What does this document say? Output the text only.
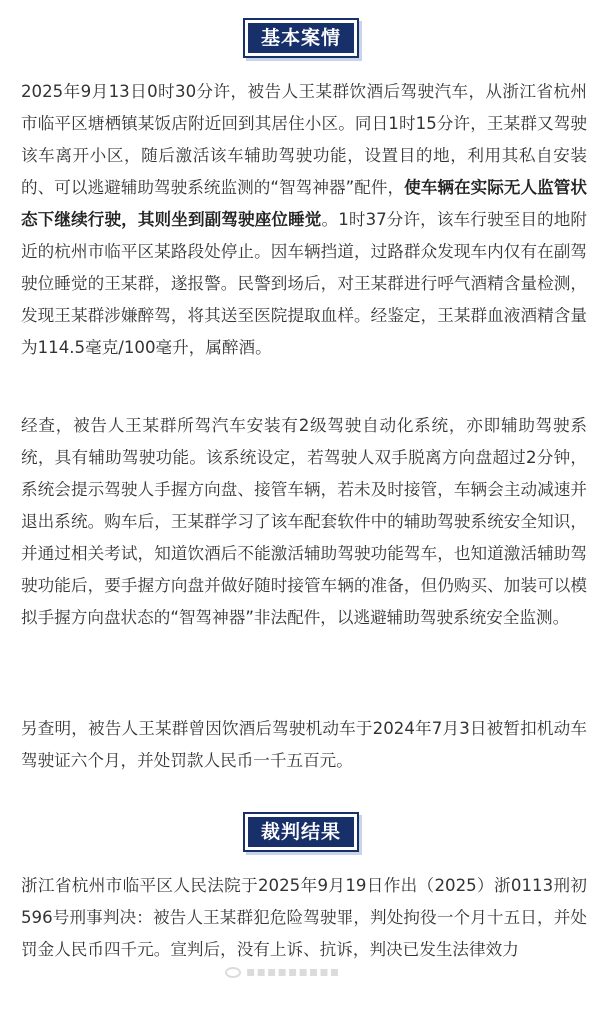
基本案情

2025年9月13日0时30分许，被告人王某群饮酒后驾驶汽车，从浙江省杭州市临平区塘栖镇某饭店附近回到其居住小区。同日1时15分许，王某群又驾驶该车离开小区，随后激活该车辅助驾驶功能，设置目的地，利用其私自安装的、可以逃避辅助驾驶系统监测的“智驾神器”配件，使车辆在实际无人监管状态下继续行驶，其则坐到副驾驶座位睡觉。1时37分许，该车行驶至目的地附近的杭州市临平区某路段处停止。因车辆挡道，过路群众发现车内仅有在副驾驶位睡觉的王某群，遂报警。民警到场后，对王某群进行呼气酒精含量检测，发现王某群涉嫌醉驾，将其送至医院提取血样。经鉴定，王某群血液酒精含量为114.5毫克/100毫升，属醉酒。

经查，被告人王某群所驾汽车安装有2级驾驶自动化系统，亦即辅助驾驶系统，具有辅助驾驶功能。该系统设定，若驾驶人双手脱离方向盘超过2分钟，系统会提示驾驶人手握方向盘、接管车辆，若未及时接管，车辆会主动减速并退出系统。购车后，王某群学习了该车配套软件中的辅助驾驶系统安全知识，并通过相关考试，知道饮酒后不能激活辅助驾驶功能驾车，也知道激活辅助驾驶功能后，要手握方向盘并做好随时接管车辆的准备，但仍购买、加装可以模拟手握方向盘状态的“智驾神器”非法配件，以逃避辅助驾驶系统安全监测。

另查明，被告人王某群曾因饮酒后驾驶机动车于2024年7月3日被暂扣机动车驾驶证六个月，并处罚款人民币一千五百元。

裁判结果

浙江省杭州市临平区人民法院于2025年9月19日作出（2025）浙0113刑初596号刑事判决：被告人王某群犯危险驾驶罪，判处拘役一个月十五日，并处罚金人民币四千元。宣判后，没有上诉、抗诉，判决已发生法律效力

▪▪▪▪▪▪▪▪▪
